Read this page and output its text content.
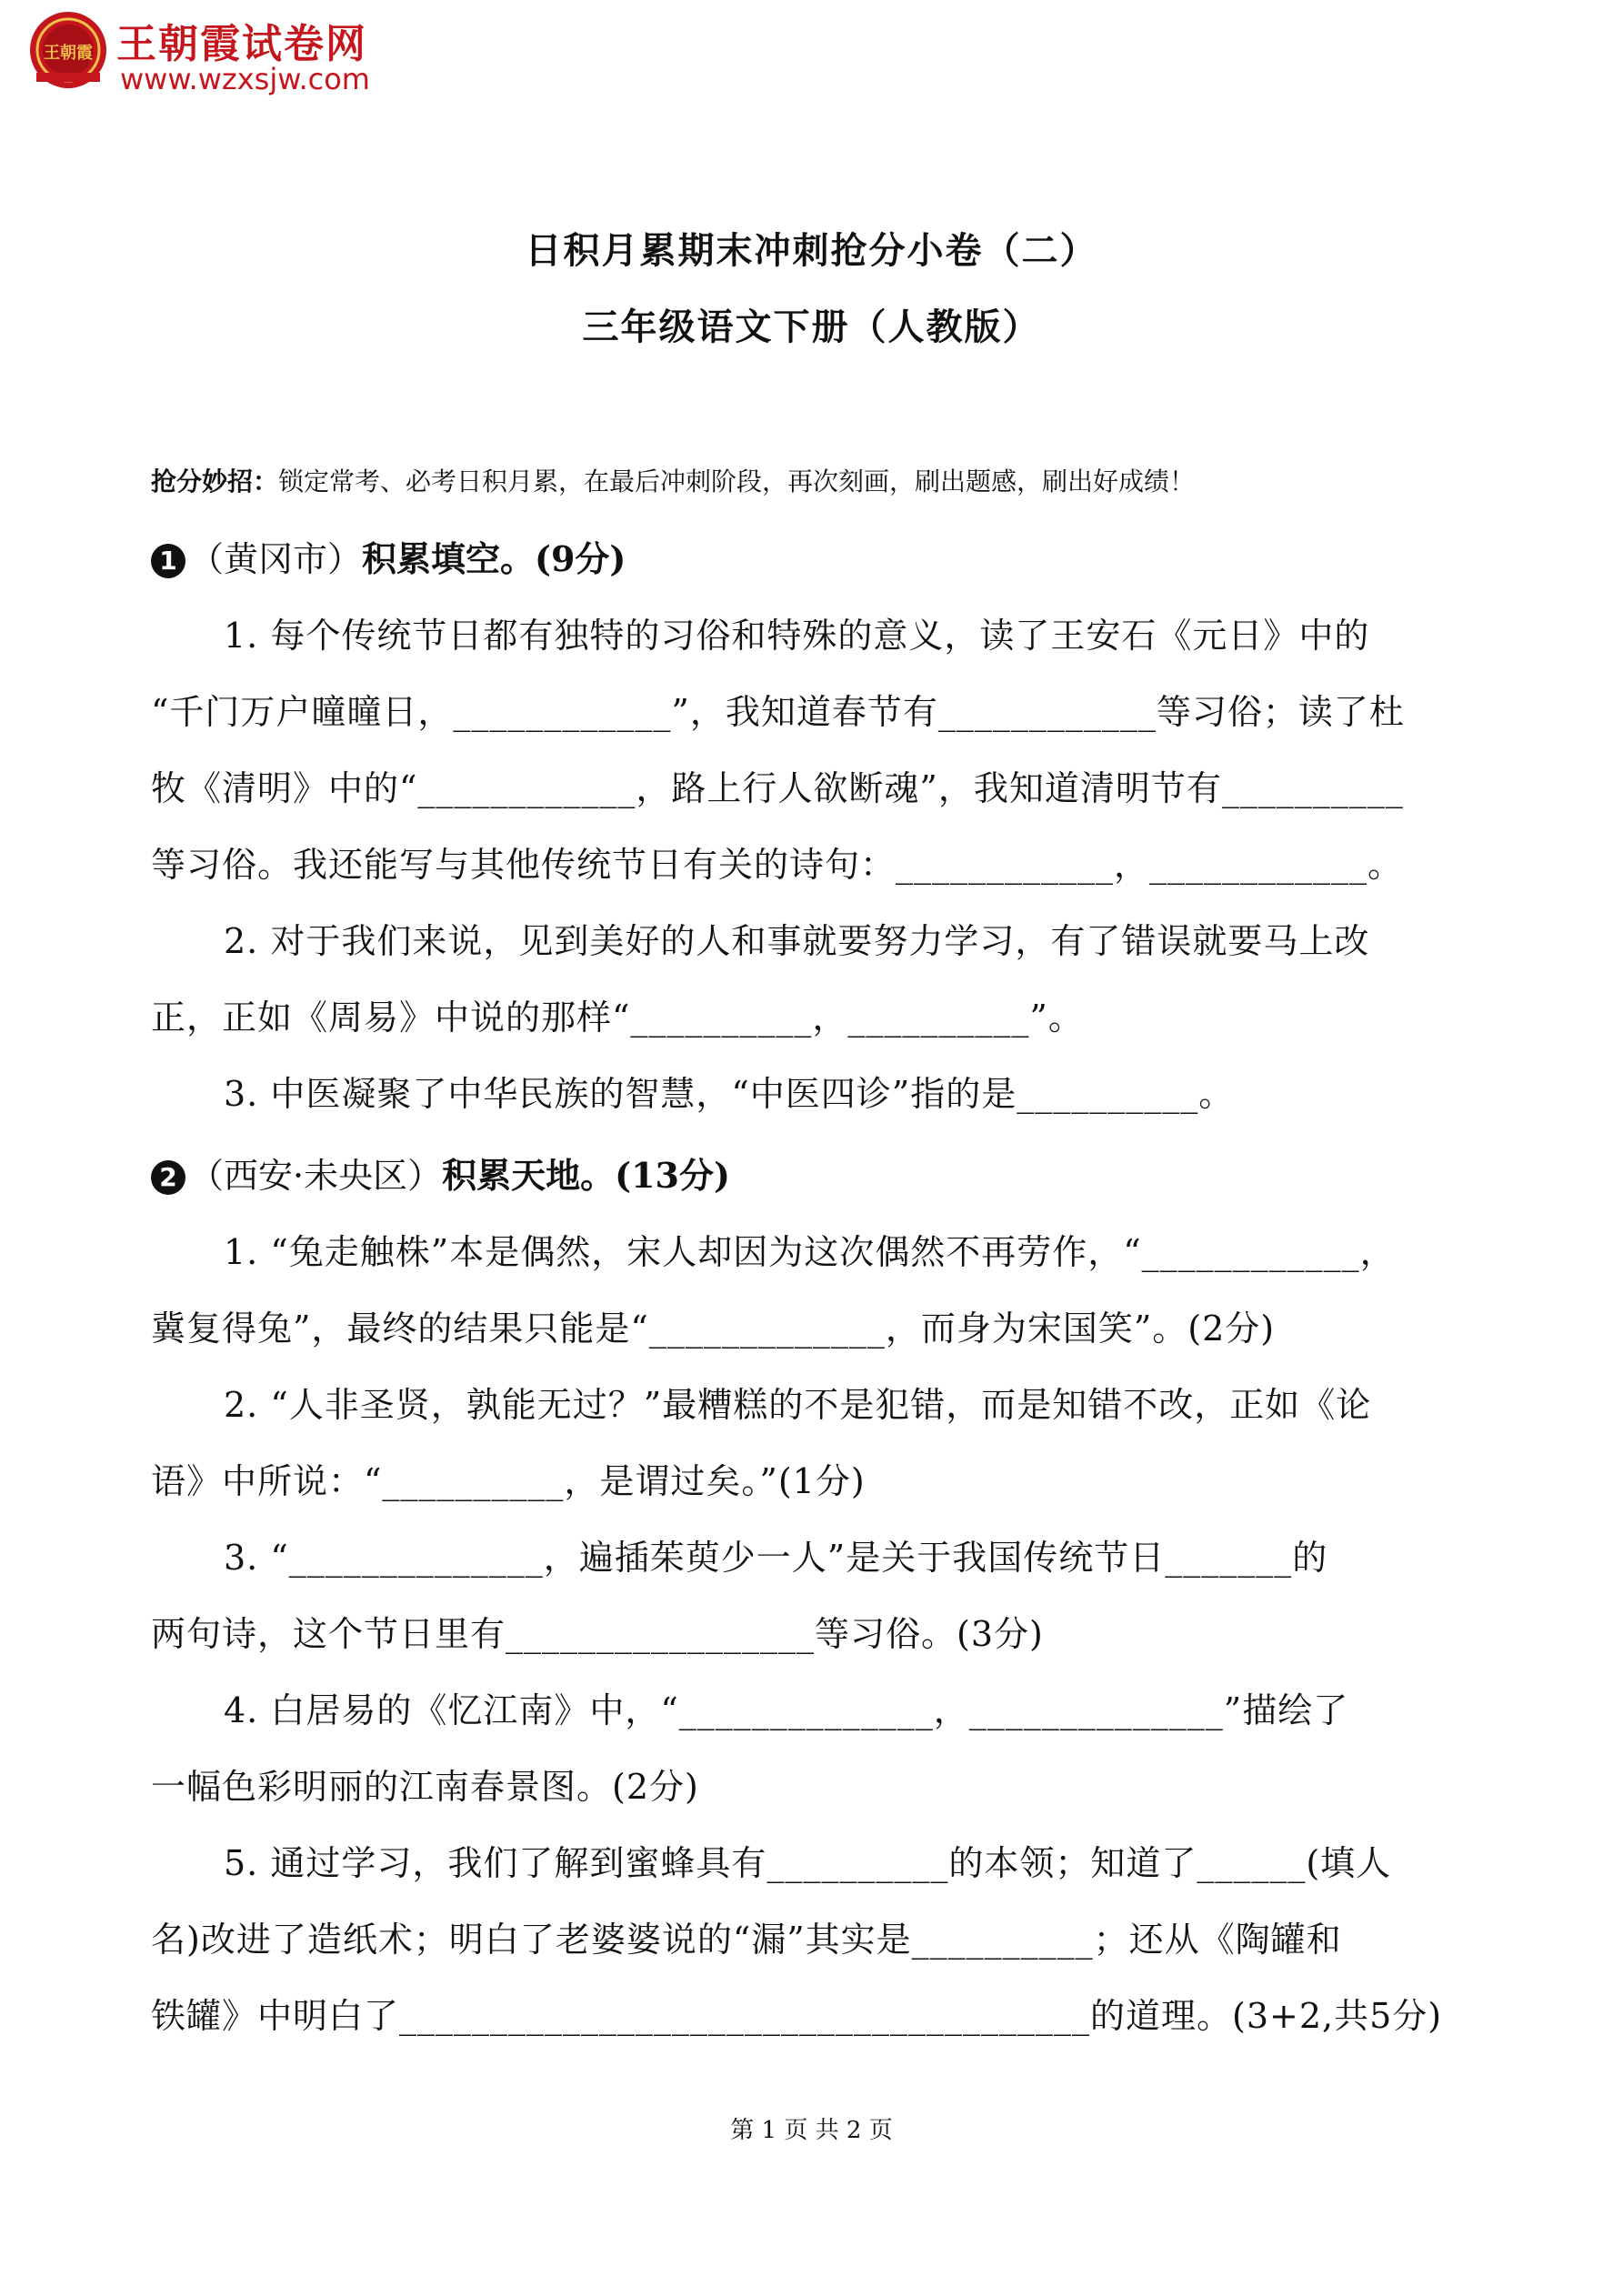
王朝霞 王朝霞试卷网
www.wzxsjw.com
日积月累期末冲刺抢分小卷（二）
三年级语文下册（人教版）
抢分妙招：锁定常考、必考日积月累，在最后冲刺阶段，再次刻画，刷出题感，刷出好成绩！
1 （黄冈市）积累填空。(9分)
1. 每个传统节日都有独特的习俗和特殊的意义，读了王安石《元日》中的
“千门万户曈曈日，____________”，我知道春节有____________等习俗；读了杜
牧《清明》中的“____________，路上行人欲断魂”，我知道清明节有__________
等习俗。我还能写与其他传统节日有关的诗句：____________，____________。
2. 对于我们来说，见到美好的人和事就要努力学习，有了错误就要马上改
正，正如《周易》中说的那样“__________，__________”。
3. 中医凝聚了中华民族的智慧，“中医四诊”指的是__________。
2 （西安·未央区）积累天地。(13分)
1. “兔走触株”本是偶然，宋人却因为这次偶然不再劳作，“____________，
冀复得兔”，最终的结果只能是“_____________，而身为宋国笑”。(2分)
2. “人非圣贤，孰能无过？”最糟糕的不是犯错，而是知错不改，正如《论
语》中所说：“__________，是谓过矣。”(1分)
3. “______________，遍插茱萸少一人”是关于我国传统节日_______的
两句诗，这个节日里有_________________等习俗。(3分)
4. 白居易的《忆江南》中，“______________，______________”描绘了
一幅色彩明丽的江南春景图。(2分)
5. 通过学习，我们了解到蜜蜂具有__________的本领；知道了______(填人
名)改进了造纸术；明白了老婆婆说的“漏”其实是__________；还从《陶罐和
铁罐》中明白了______________________________________的道理。(3+2,共5分)
第 1 页 共 2 页
